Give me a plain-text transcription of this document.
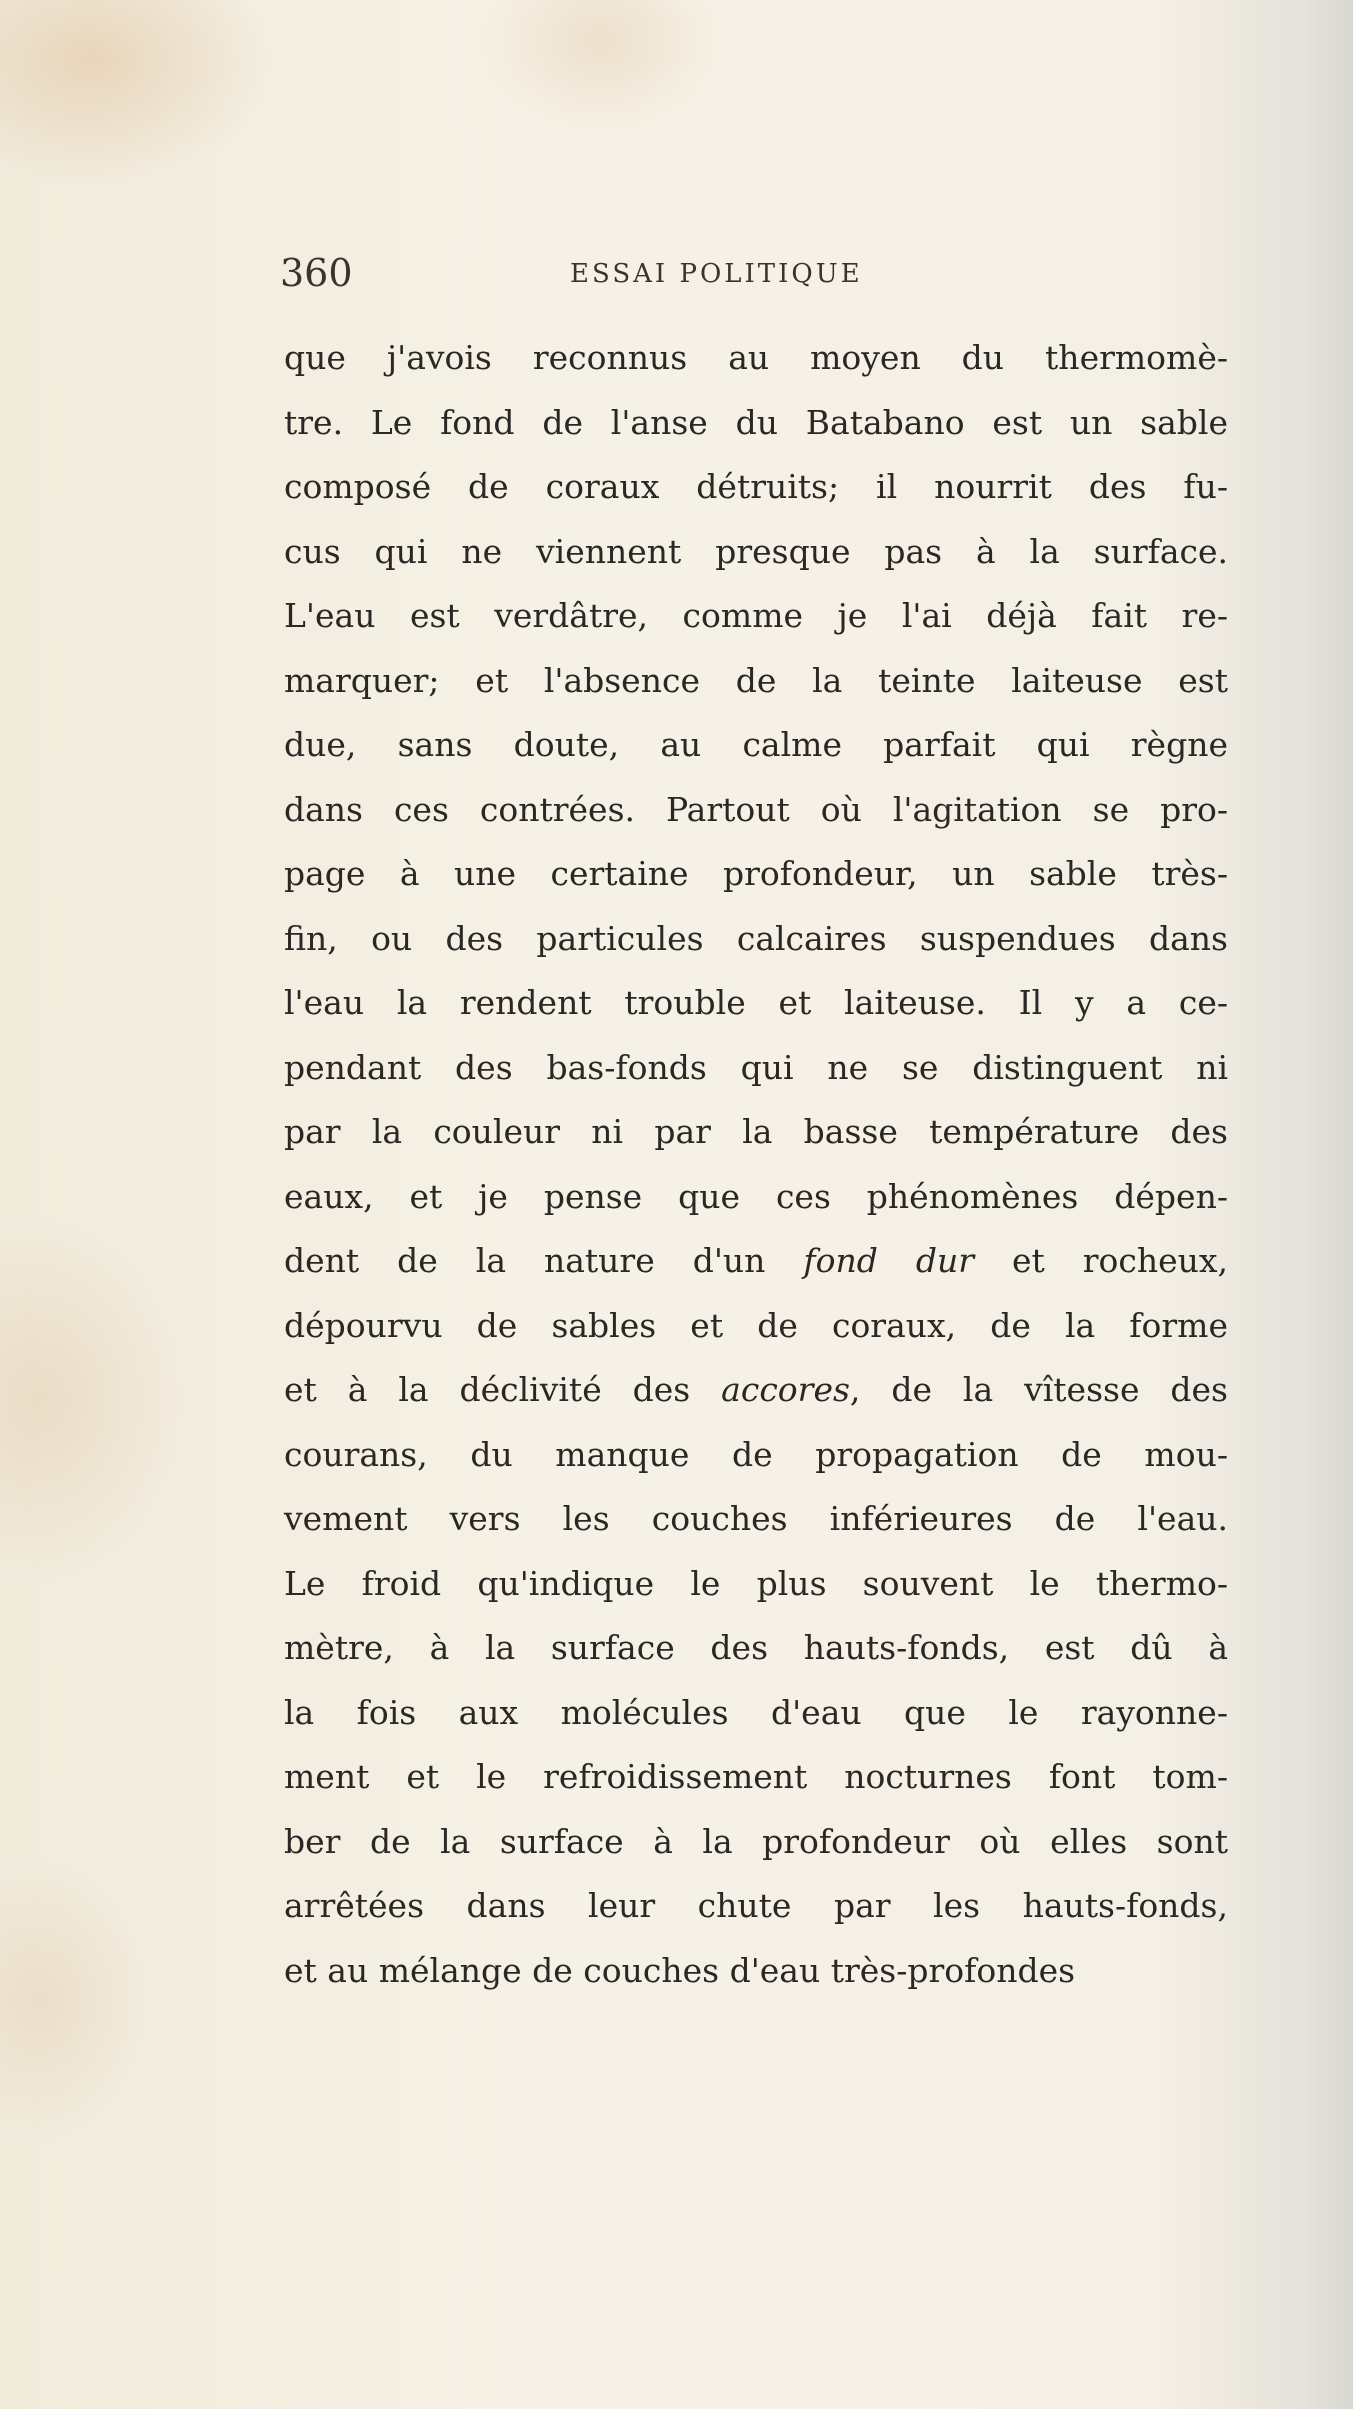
360	ESSAI POLITIQUE
que j'avois reconnus au moyen du thermomè-
tre. Le fond de l'anse du Batabano est un sable
composé de coraux détruits; il nourrit des fu-
cus qui ne viennent presque pas à la surface.
L'eau est verdâtre, comme je l'ai déjà fait re-
marquer; et l'absence de la teinte laiteuse est
due, sans doute, au calme parfait qui règne
dans ces contrées. Partout où l'agitation se pro-
page à une certaine profondeur, un sable très-
fin, ou des particules calcaires suspendues dans
l'eau la rendent trouble et laiteuse. Il y a ce-
pendant des bas-fonds qui ne se distinguent ni
par la couleur ni par la basse température des
eaux, et je pense que ces phénomènes dépen-
dent de la nature d'un fond dur et rocheux,
dépourvu de sables et de coraux, de la forme
et à la déclivité des accores, de la vîtesse des
courans, du manque de propagation de mou-
vement vers les couches inférieures de l'eau.
Le froid qu'indique le plus souvent le thermo-
mètre, à la surface des hauts-fonds, est dû à
la fois aux molécules d'eau que le rayonne-
ment et le refroidissement nocturnes font tom-
ber de la surface à la profondeur où elles sont
arrêtées dans leur chute par les hauts-fonds,
et au mélange de couches d'eau très-profondes
